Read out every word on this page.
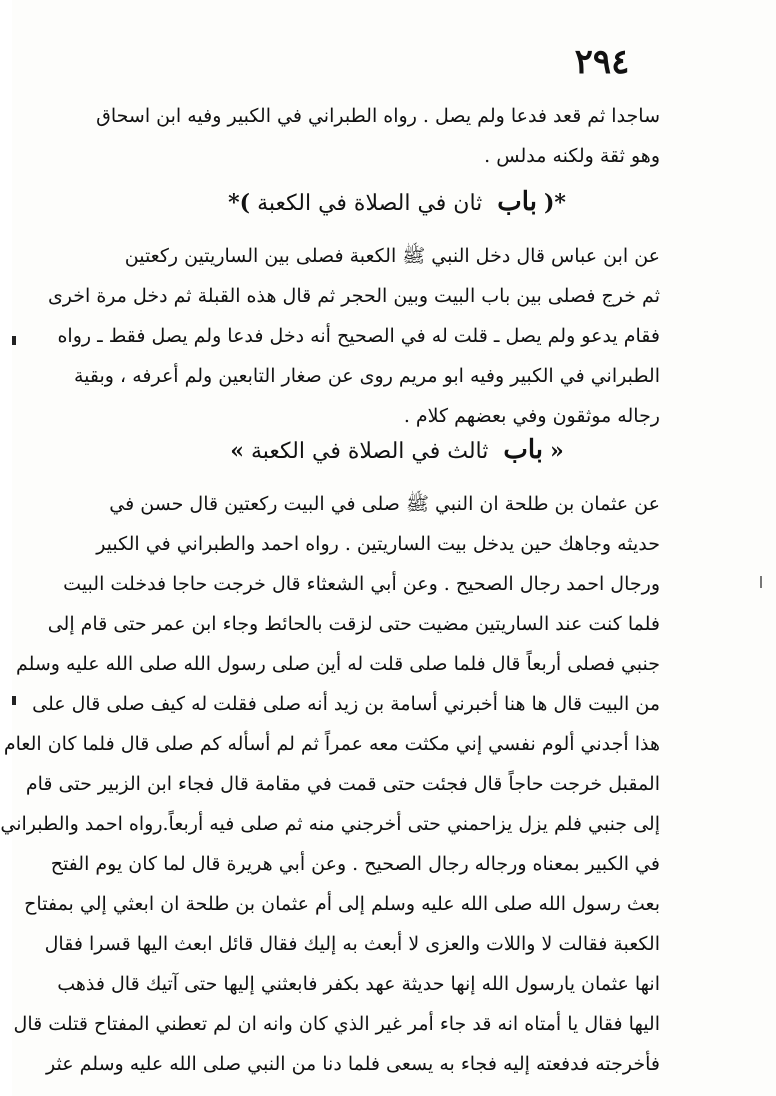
٢٩٤
ساجدا ثم قعد فدعا ولم يصل . رواه الطبراني في الكبير وفيه ابن اسحاق
وهو ثقة ولكنه مدلس .
*( باب ثان في الصلاة في الكعبة )*
عن ابن عباس قال دخل النبي ﷺ الكعبة فصلى بين الساريتين ركعتين
ثم خرج فصلى بين باب البيت وبين الحجر ثم قال هذه القبلة ثم دخل مرة اخرى
فقام يدعو ولم يصل ـ قلت له في الصحيح أنه دخل فدعا ولم يصل فقط ـ رواه
الطبراني في الكبير وفيه ابو مريم روى عن صغار التابعين ولم أعرفه ، وبقية
رجاله موثقون وفي بعضهم كلام .
« باب ثالث في الصلاة في الكعبة »
عن عثمان بن طلحة ان النبي ﷺ صلى في البيت ركعتين قال حسن في
حديثه وجاهك حين يدخل بيت الساريتين . رواه احمد والطبراني في الكبير
ورجال احمد رجال الصحيح . وعن أبي الشعثاء قال خرجت حاجا فدخلت البيت
فلما كنت عند الساريتين مضيت حتى لزقت بالحائط وجاء ابن عمر حتى قام إلى
جنبي فصلى أربعاً قال فلما صلى قلت له أين صلى رسول الله صلى الله عليه وسلم
من البيت قال ها هنا أخبرني أسامة بن زيد أنه صلى فقلت له كيف صلى قال على
هذا أجدني ألوم نفسي إني مكثت معه عمراً ثم لم أسأله كم صلى قال فلما كان العام
المقبل خرجت حاجاً قال فجئت حتى قمت في مقامة قال فجاء ابن الزبير حتى قام
إلى جنبي فلم يزل يزاحمني حتى أخرجني منه ثم صلى فيه أربعاً.رواه احمد والطبراني
في الكبير بمعناه ورجاله رجال الصحيح . وعن أبي هريرة قال لما كان يوم الفتح
بعث رسول الله صلى الله عليه وسلم إلى أم عثمان بن طلحة ان ابعثي إلي بمفتاح
الكعبة فقالت لا واللات والعزى لا أبعث به إليك فقال قائل ابعث اليها قسرا فقال
انها عثمان يارسول الله إنها حديثة عهد بكفر فابعثني إليها حتى آتيك قال فذهب
اليها فقال يا أمتاه انه قد جاء أمر غير الذي كان وانه ان لم تعطني المفتاح قتلت قال
فأخرجته فدفعته إليه فجاء به يسعى فلما دنا من النبي صلى الله عليه وسلم عثر
